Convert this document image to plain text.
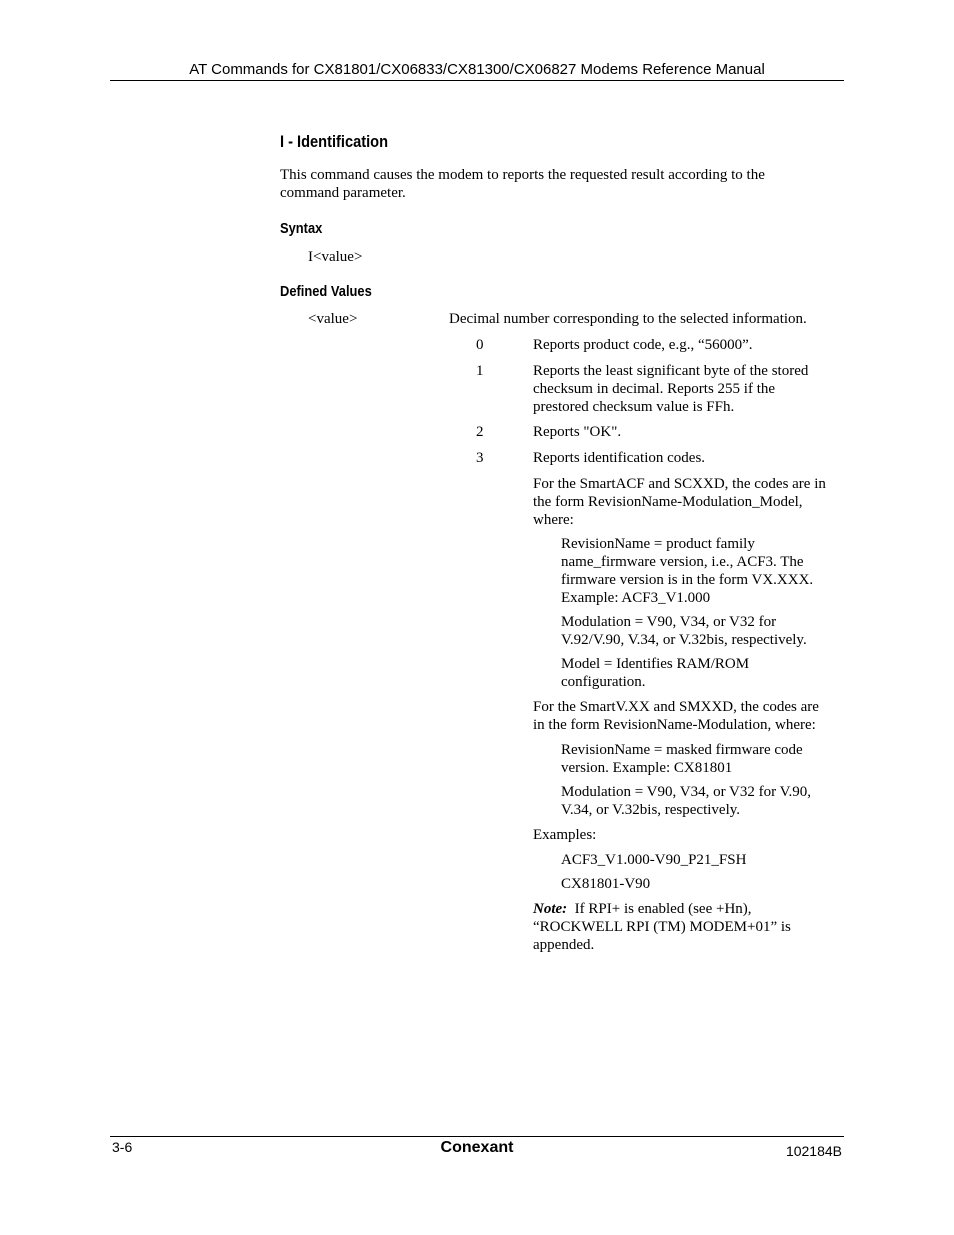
AT Commands for CX81801/CX06833/CX81300/CX06827 Modems Reference Manual
I - Identification
This command causes the modem to reports the requested result according to the
command parameter.
Syntax
I<value>
Defined Values
<value>	Decimal number corresponding to the selected information.
0	Reports product code, e.g., “56000”.
1	Reports the least significant byte of the stored
checksum in decimal. Reports 255 if the
prestored checksum value is FFh.
2	Reports "OK".
3	Reports identification codes.
For the SmartACF and SCXXD, the codes are in
the form RevisionName-Modulation_Model,
where:
RevisionName = product family
name_firmware version, i.e., ACF3. The
firmware version is in the form VX.XXX.
Example: ACF3_V1.000
Modulation = V90, V34, or V32 for
V.92/V.90, V.34, or V.32bis, respectively.
Model = Identifies RAM/ROM
configuration.
For the SmartV.XX and SMXXD, the codes are
in the form RevisionName-Modulation, where:
RevisionName = masked firmware code
version. Example: CX81801
Modulation = V90, V34, or V32 for V.90,
V.34, or V.32bis, respectively.
Examples:
ACF3_V1.000-V90_P21_FSH
CX81801-V90
Note: If RPI+ is enabled (see +Hn),
“ROCKWELL RPI (TM) MODEM+01” is
appended.
3-6	Conexant	102184B
